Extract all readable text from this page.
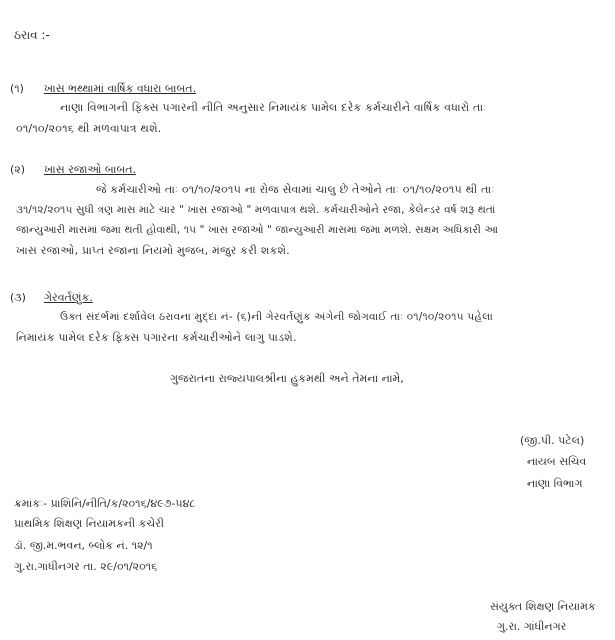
ઠરાવ :-
(૧) ખાસ ભથ્થામાં વાર્ષિક વધારા બાબત.
નાણા વિભાગની ફિક્સ પગારની નીતિ અનુસાર નિમાયંક પામેલ દરેક કર્મચારીને વાર્ષિક વધારો તાઃ
૦૧/૧૦/૨૦૧૬ થી મળવાપાત્ર થશે.
(૨) ખાસ રજાઓ બાબત.
જે કર્મચારીઓ તાઃ ૦૧/૧૦/૨૦૧૫ ના રોજ સેવામાં ચાલુ છે તેઓને તાઃ ૦૧/૧૦/૨૦૧૫ થી તાઃ
૩૧/૧૨/૨૦૧૫ સુધી ત્રણ માસ માટે ચાર " ખાસ રજાઓ " મળવાપાત્ર થશે. કર્મચારીઓને રજા, કેલેન્ડર વર્ષ શરૂ થતાં
જાન્યુઆરી માસમાં જમા થતી હોવાથી, ૧૫ " ખાસ રજાઓ " જાન્યુઆરી માસમાં જમા મળશે. સક્ષમ અધિકારી આ
ખાસ રજાઓ, પ્રાપ્ત રજાના નિયમો મુજબ, મંજુર કરી શકશે.
(૩) ગેરવર્તણુંક.
ઉક્ત સંદર્ભમાં દર્શાવેલ ઠરાવના મુદ્દા નં- (૬)ની ગેરવર્તણુંક અંગેની જોગવાઈ તાઃ ૦૧/૧૦/૨૦૧૫ પહેલા
નિમાયંક પામેલ દરેક ફિક્સ પગારના કર્મચારીઓને લાગુ પાડશે.
ગુજરાતના રાજ્યપાલશ્રીના હુકમથી અને તેમના નામે,
(જી.પી. પટેલ)
નાયબ સચિવ
નાણા વિભાગ
ક્રમાંકઃ- પ્રાશિનિ/નીતિ/ક/૨૦૧૬/૪૯૭-૫૪૮
પ્રાથમિક શિક્ષણ નિયામકની કચેરી
ડૉ. જી.મ.ભવન, બ્લોક નં. ૧૨/૧
ગુ.રા.ગાંધીનગર તા. ૨૯/૦૧/૨૦૧૬
સંયુક્ત શિક્ષણ નિયામક
ગુ.રા. ગાંધીનગર
